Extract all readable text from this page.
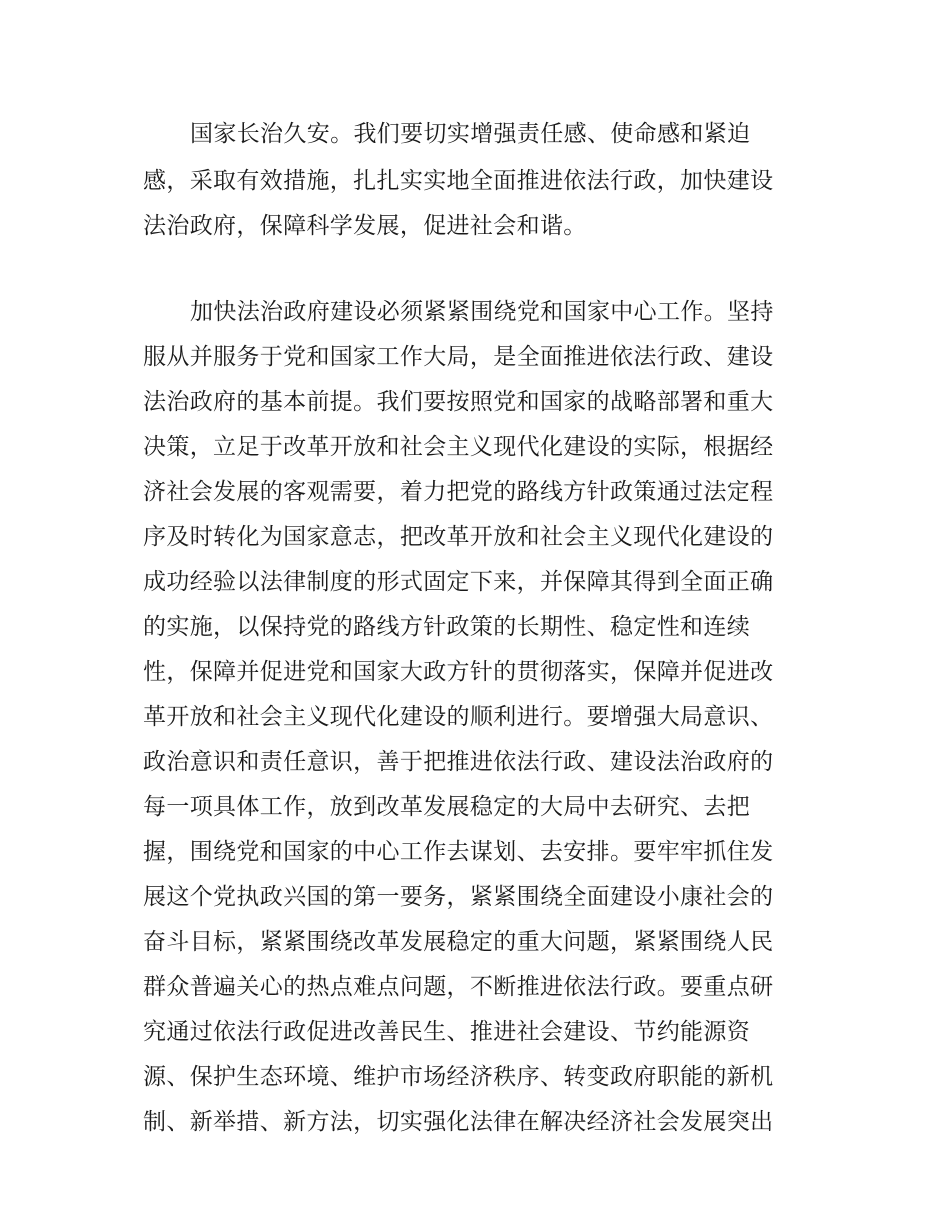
国家长治久安。我们要切实增强责任感、使命感和紧迫
感，采取有效措施，扎扎实实地全面推进依法行政，加快建设
法治政府，保障科学发展，促进社会和谐。
加快法治政府建设必须紧紧围绕党和国家中心工作。坚持
服从并服务于党和国家工作大局，是全面推进依法行政、建设
法治政府的基本前提。我们要按照党和国家的战略部署和重大
决策，立足于改革开放和社会主义现代化建设的实际，根据经
济社会发展的客观需要，着力把党的路线方针政策通过法定程
序及时转化为国家意志，把改革开放和社会主义现代化建设的
成功经验以法律制度的形式固定下来，并保障其得到全面正确
的实施，以保持党的路线方针政策的长期性、稳定性和连续
性，保障并促进党和国家大政方针的贯彻落实，保障并促进改
革开放和社会主义现代化建设的顺利进行。要增强大局意识、
政治意识和责任意识，善于把推进依法行政、建设法治政府的
每一项具体工作，放到改革发展稳定的大局中去研究、去把
握，围绕党和国家的中心工作去谋划、去安排。要牢牢抓住发
展这个党执政兴国的第一要务，紧紧围绕全面建设小康社会的
奋斗目标，紧紧围绕改革发展稳定的重大问题，紧紧围绕人民
群众普遍关心的热点难点问题，不断推进依法行政。要重点研
究通过依法行政促进改善民生、推进社会建设、节约能源资
源、保护生态环境、维护市场经济秩序、转变政府职能的新机
制、新举措、新方法，切实强化法律在解决经济社会发展突出
